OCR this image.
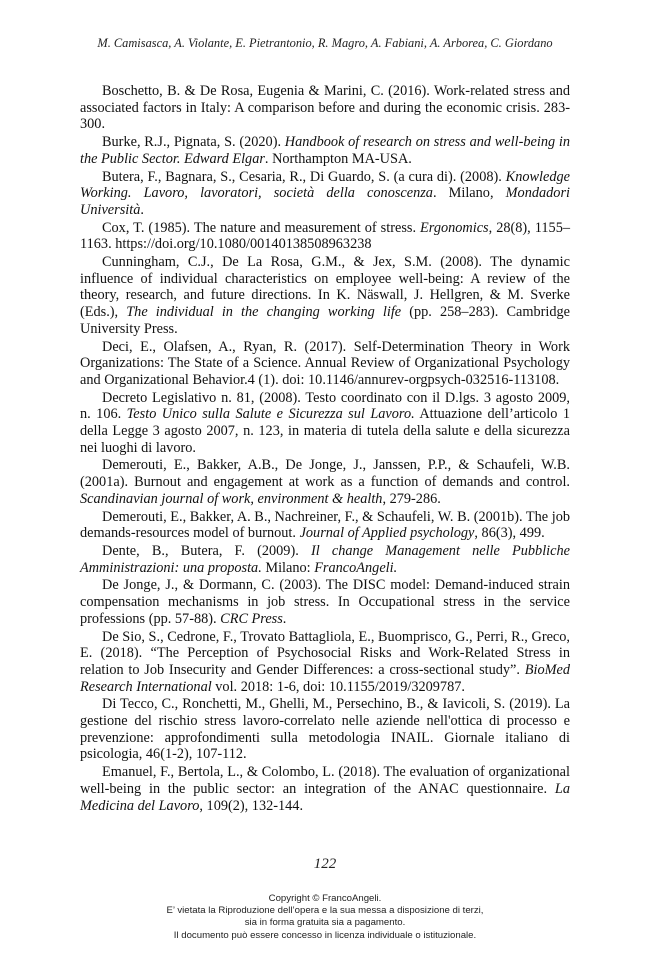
M. Camisasca, A. Violante, E. Pietrantonio, R. Magro, A. Fabiani, A. Arborea, C. Giordano

Boschetto, B. & De Rosa, Eugenia & Marini, C. (2016). Work-related stress and associated factors in Italy: A comparison before and during the economic crisis. 283-300.

Burke, R.J., Pignata, S. (2020). Handbook of research on stress and well-being in the Public Sector. Edward Elgar. Northampton MA-USA.

Butera, F., Bagnara, S., Cesaria, R., Di Guardo, S. (a cura di). (2008). Knowledge Working. Lavoro, lavoratori, società della conoscenza. Milano, Mondadori Università.

Cox, T. (1985). The nature and measurement of stress. Ergonomics, 28(8), 1155–1163. https://doi.org/10.1080/00140138508963238

Cunningham, C.J., De La Rosa, G.M., & Jex, S.M. (2008). The dynamic influence of individual characteristics on employee well-being: A review of the theory, research, and future directions. In K. Näswall, J. Hellgren, & M. Sverke (Eds.), The individual in the changing working life (pp. 258–283). Cambridge University Press.

Deci, E., Olafsen, A., Ryan, R. (2017). Self-Determination Theory in Work Organizations: The State of a Science. Annual Review of Organizational Psychology and Organizational Behavior.4 (1). doi: 10.1146/annurev-orgpsych-032516-113108.

Decreto Legislativo n. 81, (2008). Testo coordinato con il D.lgs. 3 agosto 2009, n. 106. Testo Unico sulla Salute e Sicurezza sul Lavoro. Attuazione dell’articolo 1 della Legge 3 agosto 2007, n. 123, in materia di tutela della salute e della sicurezza nei luoghi di lavoro.

Demerouti, E., Bakker, A.B., De Jonge, J., Janssen, P.P., & Schaufeli, W.B. (2001a). Burnout and engagement at work as a function of demands and control. Scandinavian journal of work, environment & health, 279-286.

Demerouti, E., Bakker, A. B., Nachreiner, F., & Schaufeli, W. B. (2001b). The job demands-resources model of burnout. Journal of Applied psychology, 86(3), 499.

Dente, B., Butera, F. (2009). Il change Management nelle Pubbliche Amministrazioni: una proposta. Milano: FrancoAngeli.

De Jonge, J., & Dormann, C. (2003). The DISC model: Demand-induced strain compensation mechanisms in job stress. In Occupational stress in the service professions (pp. 57-88). CRC Press.

De Sio, S., Cedrone, F., Trovato Battagliola, E., Buomprisco, G., Perri, R., Greco, E. (2018). “The Perception of Psychosocial Risks and Work-Related Stress in relation to Job Insecurity and Gender Differences: a cross-sectional study”. BioMed Research International vol. 2018: 1-6, doi: 10.1155/2019/3209787.

Di Tecco, C., Ronchetti, M., Ghelli, M., Persechino, B., & Iavicoli, S. (2019). La gestione del rischio stress lavoro-correlato nelle aziende nell'ottica di processo e prevenzione: approfondimenti sulla metodologia INAIL. Giornale italiano di psicologia, 46(1-2), 107-112.

Emanuel, F., Bertola, L., & Colombo, L. (2018). The evaluation of organizational well-being in the public sector: an integration of the ANAC questionnaire. La Medicina del Lavoro, 109(2), 132-144.

122
Copyright © FrancoAngeli.
E’ vietata la Riproduzione dell’opera e la sua messa a disposizione di terzi,
sia in forma gratuita sia a pagamento.
Il documento può essere concesso in licenza individuale o istituzionale.
